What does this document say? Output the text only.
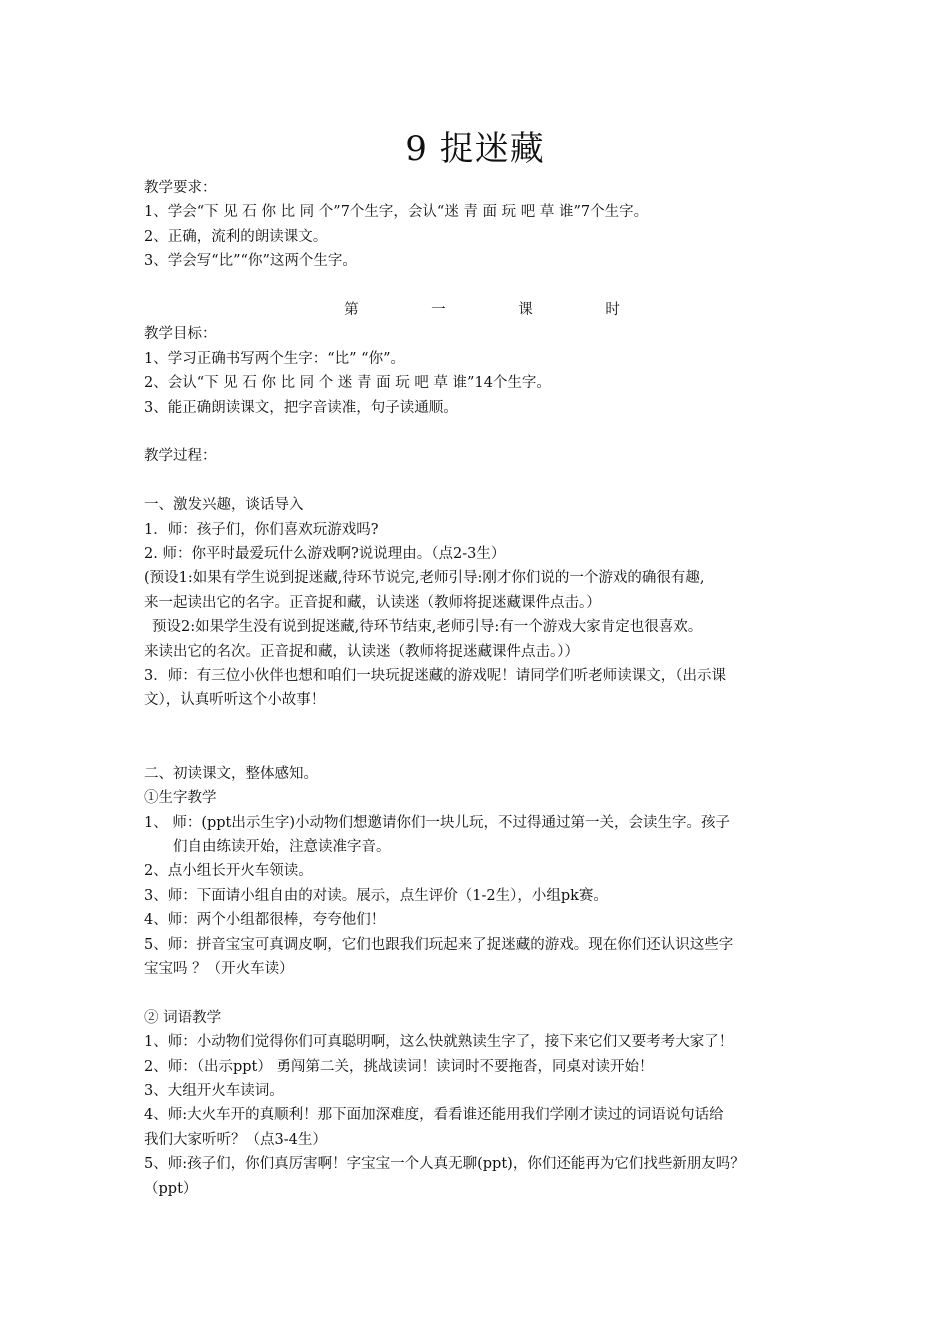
9 捉迷藏

教学要求：

1、学会“下 见 石 你 比 同 个”7个生字，会认“迷 青 面 玩 吧 草 谁”7个生字。

2、正确，流利的朗读课文。

3、学会写“比”“你”这两个生字。

第 一 课 时

教学目标：

1、学习正确书写两个生字：“比” “你”。

2、会认“下 见 石 你 比 同 个 迷 青 面 玩 吧 草 谁”14个生字。

3、能正确朗读课文，把字音读准，句子读通顺。

教学过程：

一、激发兴趣，谈话导入

1．师：孩子们，你们喜欢玩游戏吗?

2. 师：你平时最爱玩什么游戏啊?说说理由。（点2-3生）

(预设1:如果有学生说到捉迷藏,待环节说完,老师引导:刚才你们说的一个游戏的确很有趣,

来一起读出它的名字。正音捉和藏，认读迷（教师将捉迷藏课件点击。）

预设2:如果学生没有说到捉迷藏,待环节结束,老师引导:有一个游戏大家肯定也很喜欢。

来读出它的名次。正音捉和藏，认读迷（教师将捉迷藏课件点击。））

3．师：有三位小伙伴也想和咱们一块玩捉迷藏的游戏呢！请同学们听老师读课文，（出示课

文），认真听听这个小故事！

二、初读课文，整体感知。

①生字教学

1、 师：(ppt出示生字)小动物们想邀请你们一块儿玩，不过得通过第一关，会读生字。孩子

们自由练读开始，注意读准字音。

2、点小组长开火车领读。

3、师：下面请小组自由的对读。展示，点生评价（1-2生），小组pk赛。

4、师：两个小组都很棒，夸夸他们！

5、师：拼音宝宝可真调皮啊，它们也跟我们玩起来了捉迷藏的游戏。现在你们还认识这些字

宝宝吗 ？（开火车读）

② 词语教学

1、师：小动物们觉得你们可真聪明啊，这么快就熟读生字了，接下来它们又要考考大家了！

2、师：（出示ppt） 勇闯第二关，挑战读词！读词时不要拖沓，同桌对读开始！

3、大组开火车读词。

4、师:大火车开的真顺利！那下面加深难度，看看谁还能用我们学刚才读过的词语说句话给

我们大家听听？（点3-4生）

5、师:孩子们，你们真厉害啊！字宝宝一个人真无聊(ppt)，你们还能再为它们找些新朋友吗？

（ppt）
